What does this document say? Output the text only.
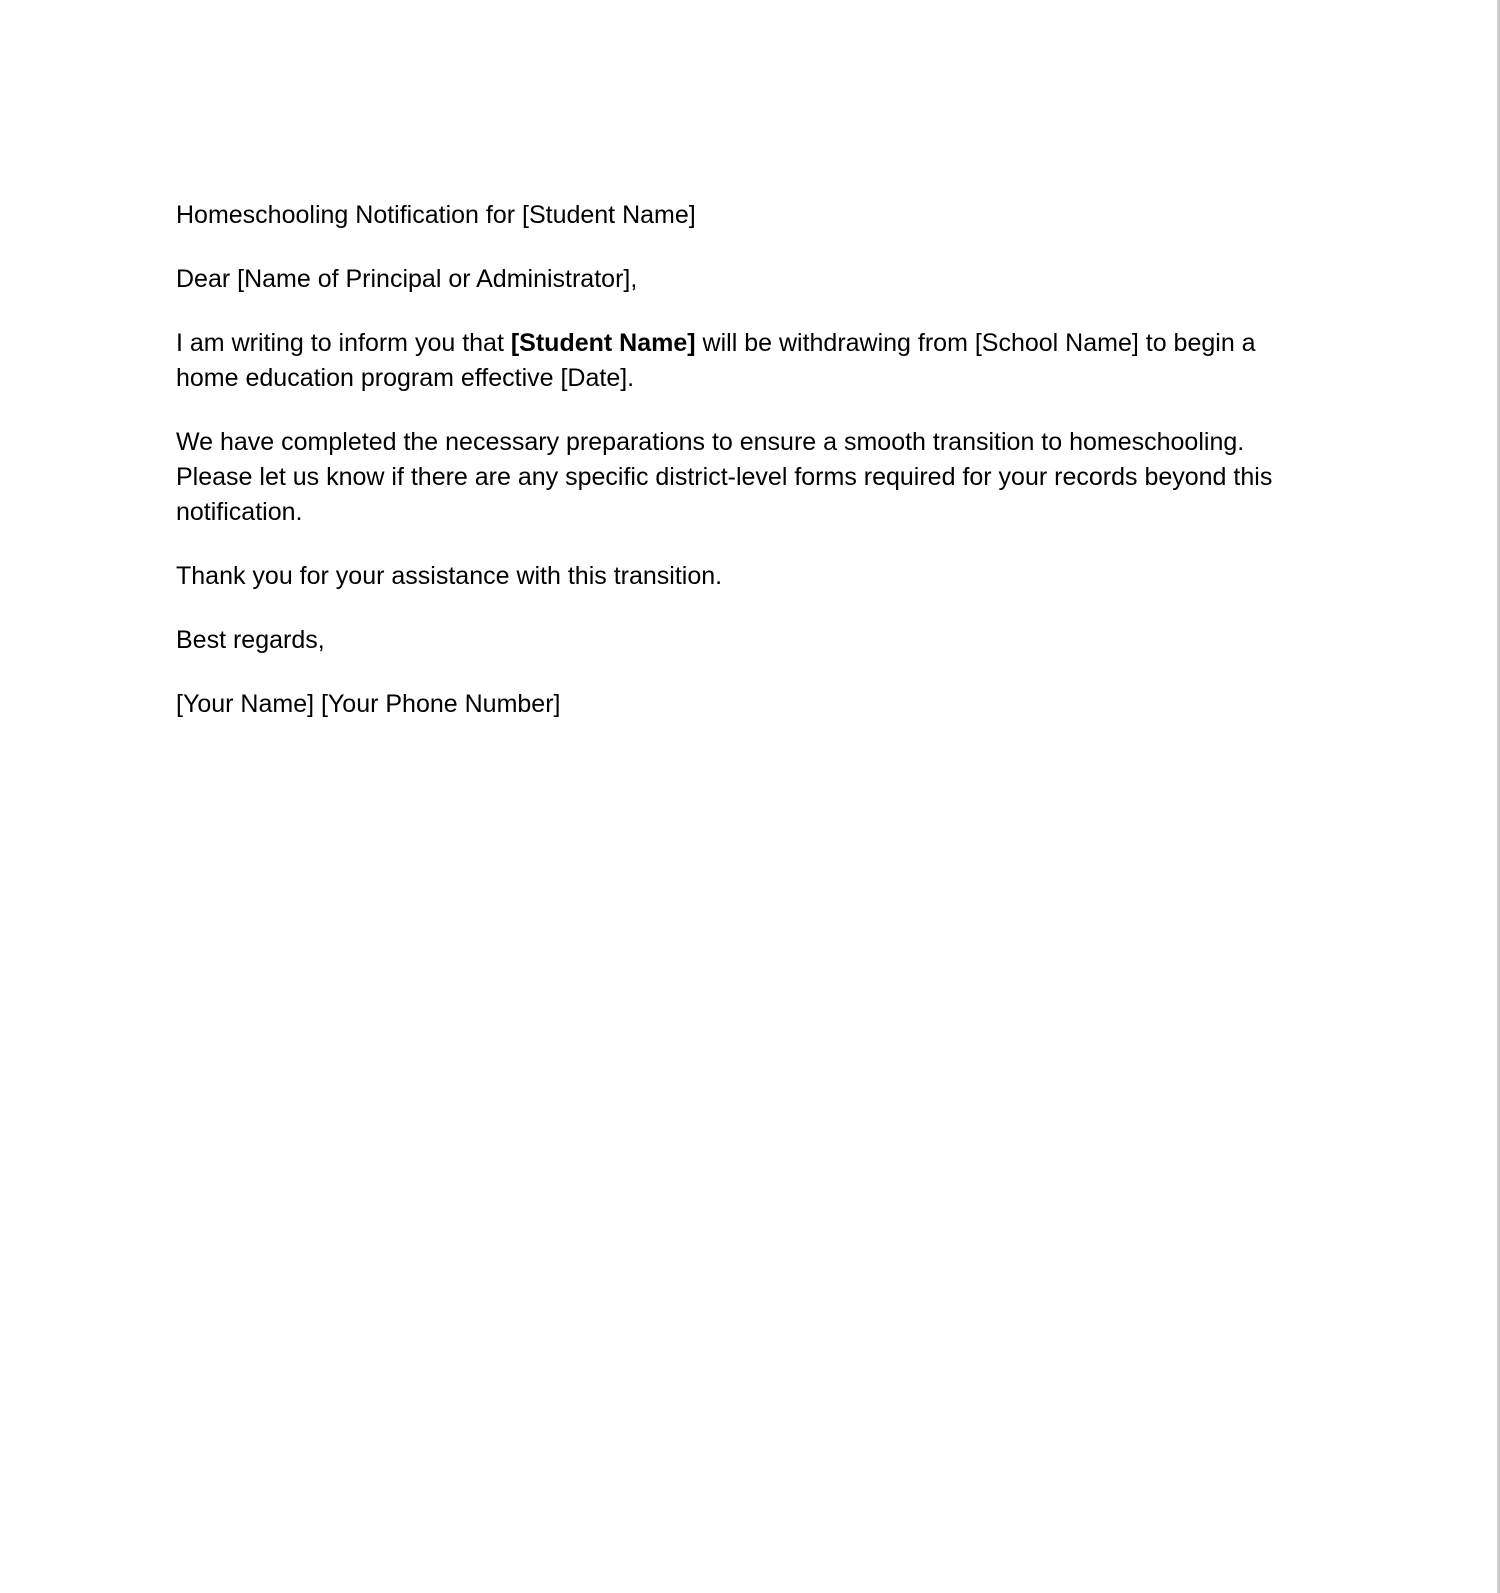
Homeschooling Notification for [Student Name]

Dear [Name of Principal or Administrator],

I am writing to inform you that [Student Name] will be withdrawing from [School Name] to begin a home education program effective [Date].

We have completed the necessary preparations to ensure a smooth transition to homeschooling. Please let us know if there are any specific district-level forms required for your records beyond this notification.

Thank you for your assistance with this transition.

Best regards,

[Your Name] [Your Phone Number]
